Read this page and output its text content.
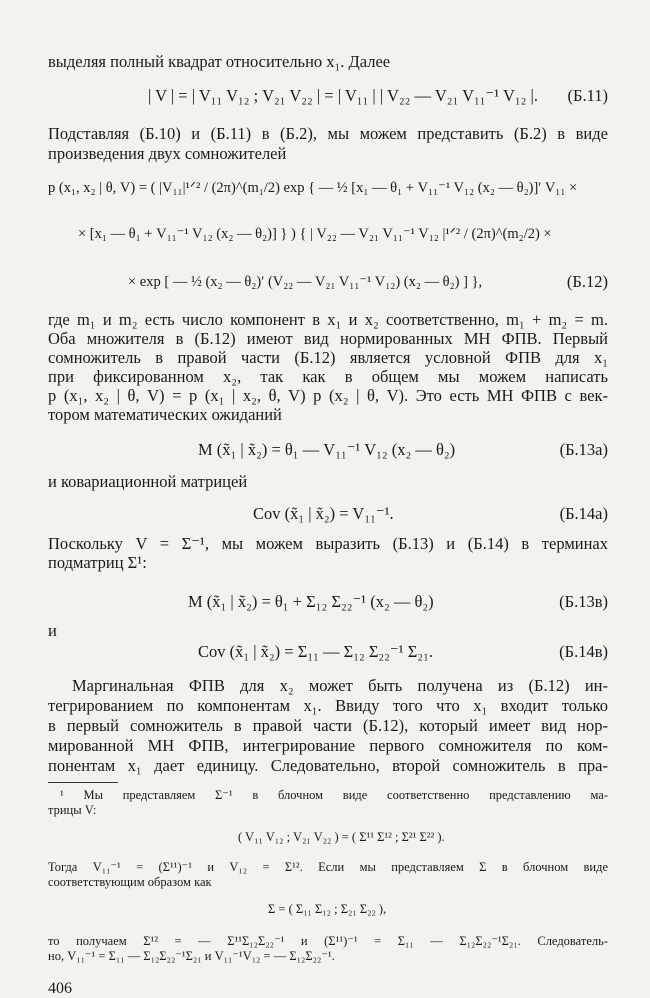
выделяя полный квадрат относительно x₁. Далее
| V | = | V₁₁ V₁₂ ; V₂₁ V₂₂ | = | V₁₁ | | V₂₂ — V₂₁ V₁₁⁻¹ V₁₂ |. (Б.11)
Подставляя (Б.10) и (Б.11) в (Б.2), мы можем представить (Б.2) в виде
произведения двух сомножителей
p (x₁, x₂ | θ, V) = ( |V₁₁|¹ᐟ² / (2π)^(m₁/2) exp { — ½ [x₁ — θ₁ + V₁₁⁻¹ V₁₂ (x₂ — θ₂)]′ V₁₁ ×
× [x₁ — θ₁ + V₁₁⁻¹ V₁₂ (x₂ — θ₂)] } ) { | V₂₂ — V₂₁ V₁₁⁻¹ V₁₂ |¹ᐟ² / (2π)^(m₂/2) ×
× exp [ — ½ (x₂ — θ₂)′ (V₂₂ — V₂₁ V₁₁⁻¹ V₁₂) (x₂ — θ₂) ] },	(Б.12)
где m₁ и m₂ есть число компонент в x₁ и x₂ соответственно, m₁ + m₂ = m.
Оба множителя в (Б.12) имеют вид нормированных МН ФПВ. Первый
сомножитель в правой части (Б.12) является условной ФПВ для x₁
при фиксированном x₂, так как в общем мы можем написать
p (x₁, x₂ | θ, V) = p (x₁ | x₂, θ, V) p (x₂ | θ, V). Это есть МН ФПВ с век-
тором математических ожиданий
M (x̃₁ | x̃₂) = θ₁ — V₁₁⁻¹ V₁₂ (x₂ — θ₂)	(Б.13а)
и ковариационной матрицей
Cov (x̃₁ | x̃₂) = V₁₁⁻¹.	(Б.14а)
Поскольку V = Σ⁻¹, мы можем выразить (Б.13) и (Б.14) в терминах
подматриц Σ¹:
M (x̃₁ | x̃₂) = θ₁ + Σ₁₂ Σ₂₂⁻¹ (x₂ — θ₂)	(Б.13в)
и
Cov (x̃₁ | x̃₂) = Σ₁₁ — Σ₁₂ Σ₂₂⁻¹ Σ₂₁.	(Б.14в)
Маргинальная ФПВ для x₂ может быть получена из (Б.12) ин-
тегрированием по компонентам x₁. Ввиду того что x₁ входит только
в первый сомножитель в правой части (Б.12), который имеет вид нор-
мированной МН ФПВ, интегрирование первого сомножителя по ком-
понентам x₁ дает единицу. Следовательно, второй сомножитель в пра-
¹ Мы представляем Σ⁻¹ в блочном виде соответственно представлению ма-
трицы V:
( V₁₁ V₁₂ ; V₂₁ V₂₂ ) = ( Σ¹¹ Σ¹² ; Σ²¹ Σ²² ).
Тогда V₁₁⁻¹ = (Σ¹¹)⁻¹ и V₁₂ = Σ¹². Если мы представляем Σ в блочном виде
соответствующим образом как
Σ = ( Σ₁₁ Σ₁₂ ; Σ₂₁ Σ₂₂ ),
то получаем Σ¹² = — Σ¹¹Σ₁₂Σ₂₂⁻¹ и (Σ¹¹)⁻¹ = Σ₁₁ — Σ₁₂Σ₂₂⁻¹Σ₂₁. Следователь-
но, V₁₁⁻¹ = Σ₁₁ — Σ₁₂Σ₂₂⁻¹Σ₂₁ и V₁₁⁻¹V₁₂ = — Σ₁₂Σ₂₂⁻¹.
406
